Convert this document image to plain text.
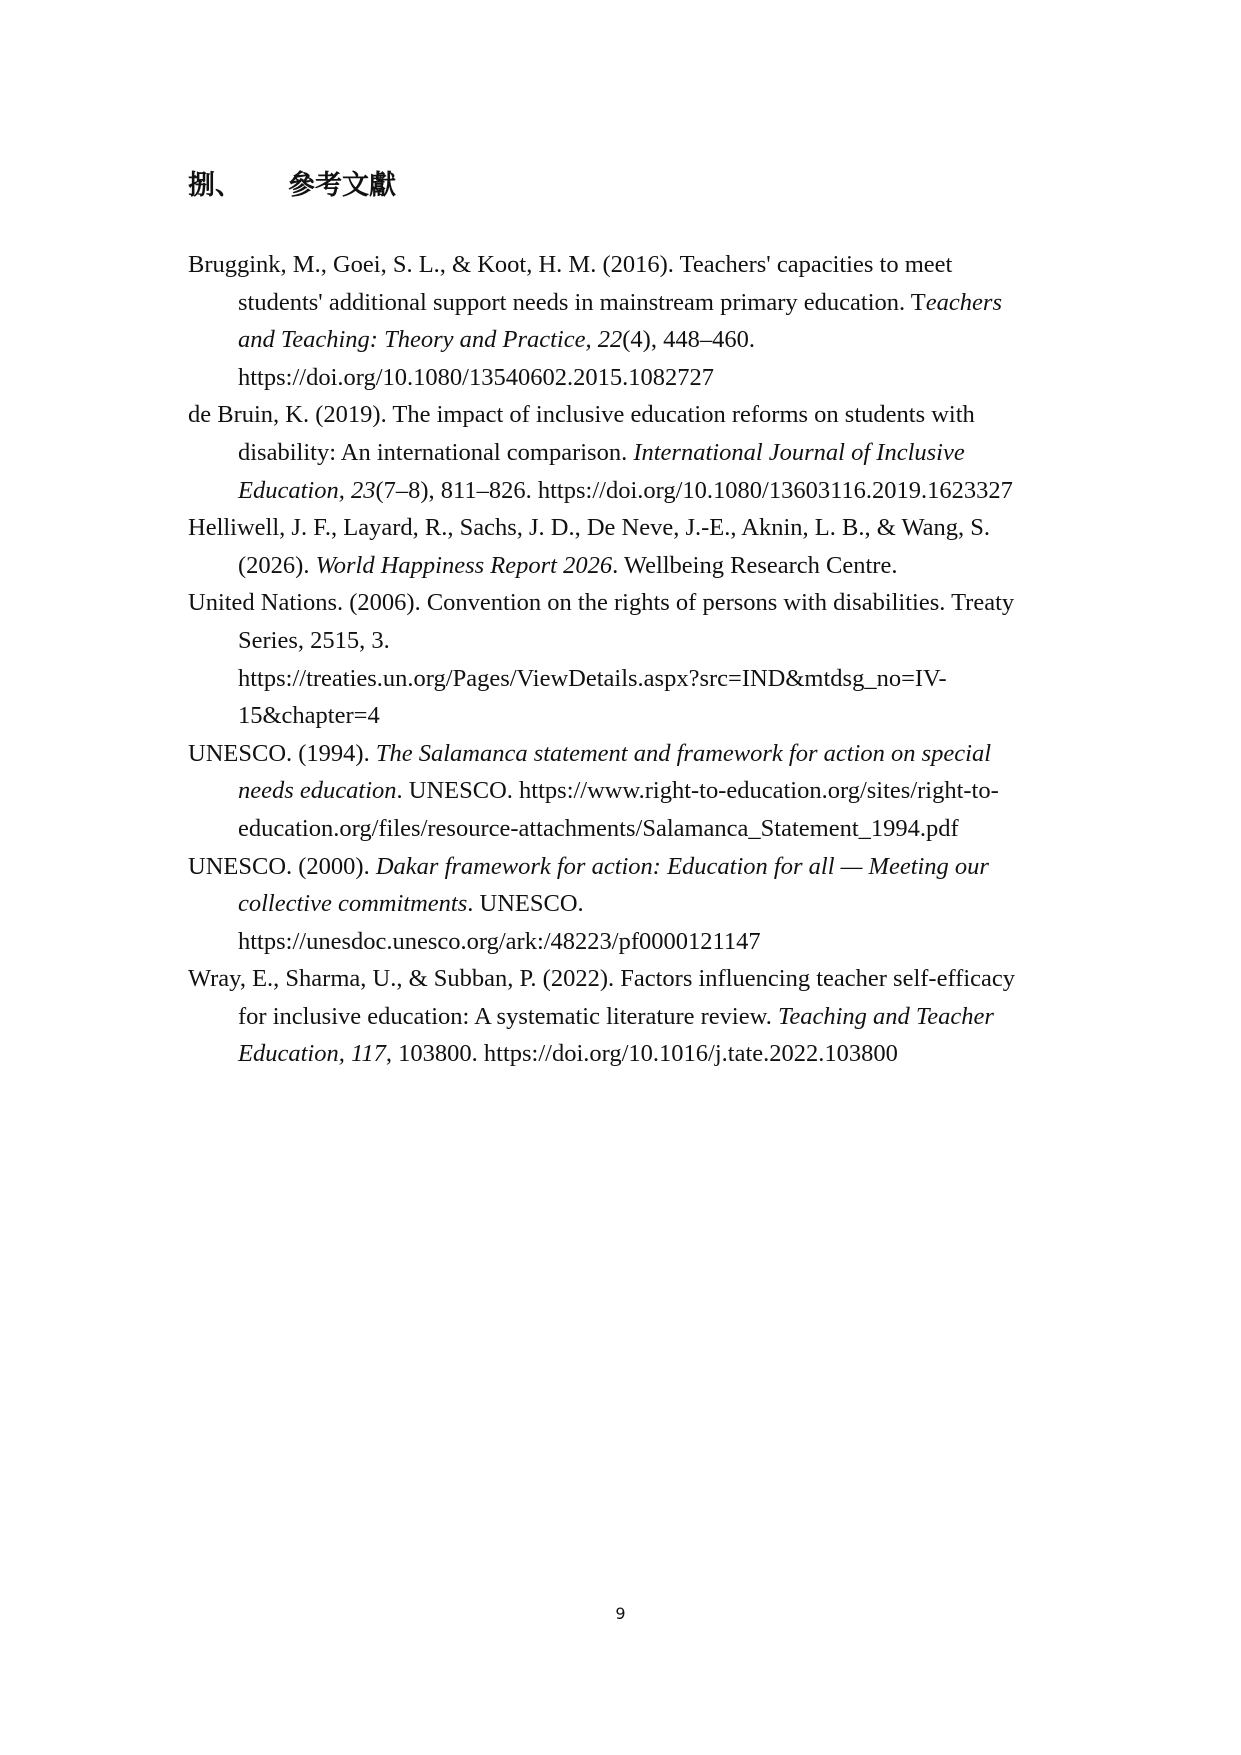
捌、 參考文獻

Bruggink, M., Goei, S. L., & Koot, H. M. (2016). Teachers' capacities to meet
students' additional support needs in mainstream primary education. Teachers
and Teaching: Theory and Practice, 22(4), 448–460.
https://doi.org/10.1080/13540602.2015.1082727

de Bruin, K. (2019). The impact of inclusive education reforms on students with
disability: An international comparison. International Journal of Inclusive
Education, 23(7–8), 811–826. https://doi.org/10.1080/13603116.2019.1623327

Helliwell, J. F., Layard, R., Sachs, J. D., De Neve, J.-E., Aknin, L. B., & Wang, S.
(2026). World Happiness Report 2026. Wellbeing Research Centre.

United Nations. (2006). Convention on the rights of persons with disabilities. Treaty
Series, 2515, 3.
https://treaties.un.org/Pages/ViewDetails.aspx?src=IND&mtdsg_no=IV-
15&chapter=4

UNESCO. (1994). The Salamanca statement and framework for action on special
needs education. UNESCO. https://www.right-to-education.org/sites/right-to-
education.org/files/resource-attachments/Salamanca_Statement_1994.pdf

UNESCO. (2000). Dakar framework for action: Education for all — Meeting our
collective commitments. UNESCO.
https://unesdoc.unesco.org/ark:/48223/pf0000121147

Wray, E., Sharma, U., & Subban, P. (2022). Factors influencing teacher self-efficacy
for inclusive education: A systematic literature review. Teaching and Teacher
Education, 117, 103800. https://doi.org/10.1016/j.tate.2022.103800

9
